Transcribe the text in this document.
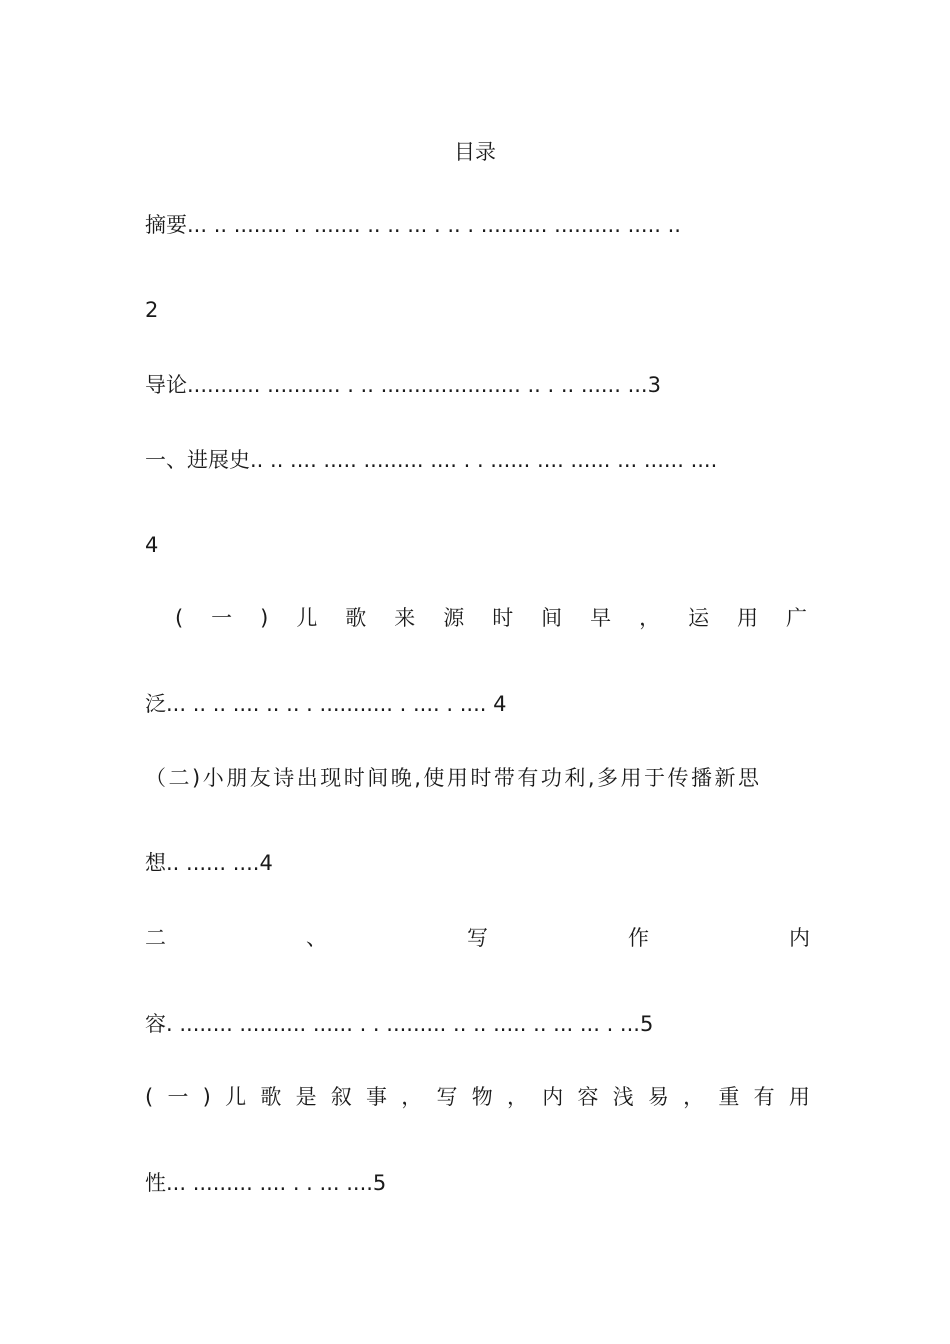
目录
摘要... .. ........ .. ....... .. .. ... . .. . .......... .......... ..... ..
2
导论........... ........... . .. ..................... .. . .. ...... ...3
一、进展史.. .. .... ..... ......... .... . . ...... .... ...... ... ...... ....
4
( 一 ) 儿 歌 来 源 时 间 早 ， 运 用 广
泛... .. .. .... .. .. . ........... . .... . .... 4
（二)小朋友诗出现时间晚,使用时带有功利,多用于传播新思
想.. ...... ....4
二	、	写	作	内
容. ........ .......... ...... . . ......... .. .. ..... .. ... ... . ...5
( 一 ) 儿 歌 是 叙 事 ， 写 物 ， 内 容 浅 易 ， 重 有 用
性... ......... .... . . ... ....5
